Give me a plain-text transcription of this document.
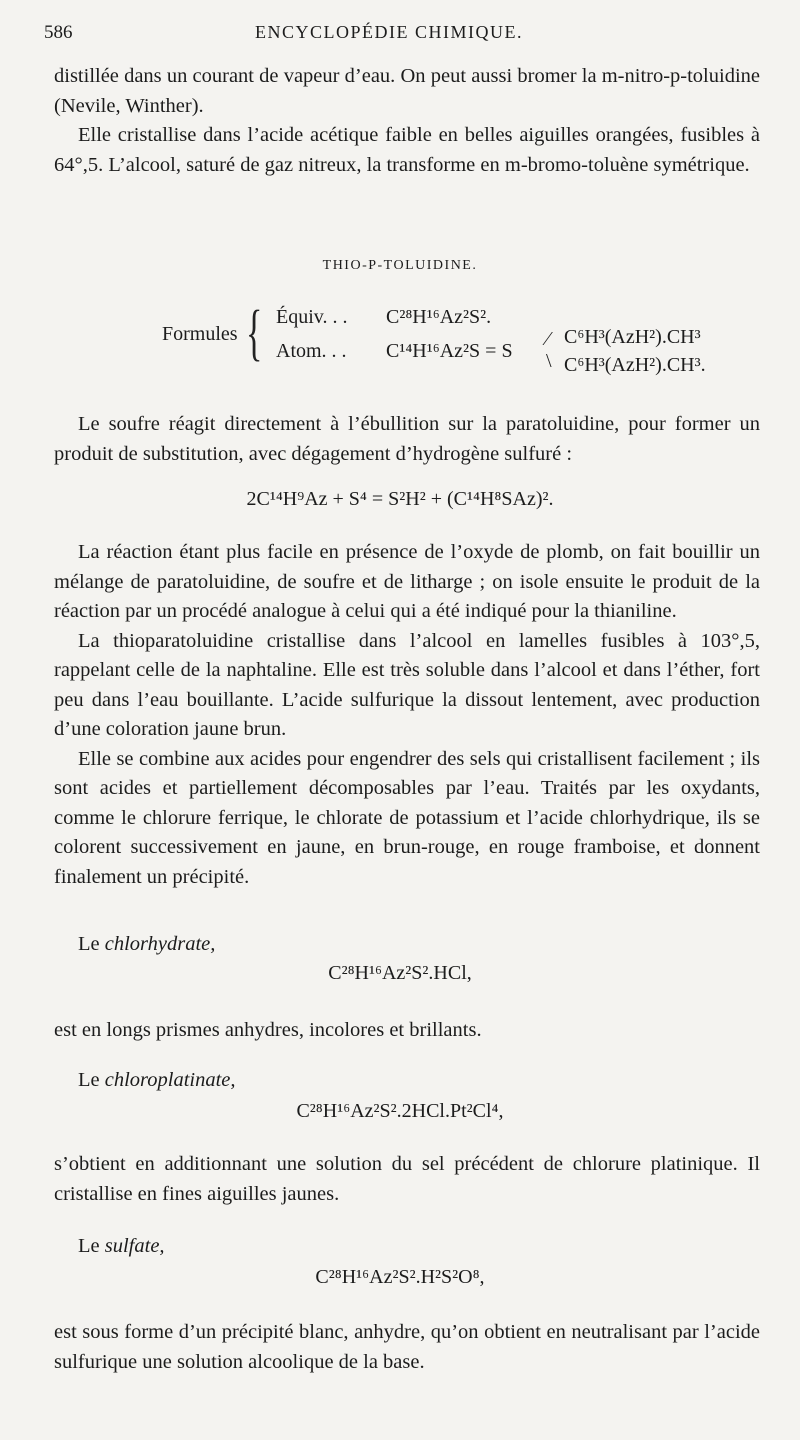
586	ENCYCLOPÉDIE CHIMIQUE.

distillée dans un courant de vapeur d’eau. On peut aussi bromer la m-nitro-p-toluidine (Nevile, Winther).

Elle cristallise dans l’acide acétique faible en belles aiguilles orangées, fusibles à 64°,5. L’alcool, saturé de gaz nitreux, la transforme en m-bromo-toluène symétrique.

THIO-P-TOLUIDINE.
Formules { Équiv. . . C²⁸H¹⁶Az²S².
Atom. . . C¹⁴H¹⁶Az²S = S
⁄
\
C⁶H³(AzH²).CH³
C⁶H³(AzH²).CH³.

Le soufre réagit directement à l’ébullition sur la paratoluidine, pour former un produit de substitution, avec dégagement d’hydrogène sulfuré :

2C¹⁴H⁹Az + S⁴ = S²H² + (C¹⁴H⁸SAz)².

La réaction étant plus facile en présence de l’oxyde de plomb, on fait bouillir un mélange de paratoluidine, de soufre et de litharge ; on isole ensuite le produit de la réaction par un procédé analogue à celui qui a été indiqué pour la thianiline.

La thioparatoluidine cristallise dans l’alcool en lamelles fusibles à 103°,5, rappelant celle de la naphtaline. Elle est très soluble dans l’alcool et dans l’éther, fort peu dans l’eau bouillante. L’acide sulfurique la dissout lentement, avec production d’une coloration jaune brun.

Elle se combine aux acides pour engendrer des sels qui cristallisent facilement ; ils sont acides et partiellement décomposables par l’eau. Traités par les oxydants, comme le chlorure ferrique, le chlorate de potassium et l’acide chlorhydrique, ils se colorent successivement en jaune, en brun-rouge, en rouge framboise, et donnent finalement un précipité.

Le chlorhydrate,

C²⁸H¹⁶Az²S².HCl,

est en longs prismes anhydres, incolores et brillants.

Le chloroplatinate,

C²⁸H¹⁶Az²S².2HCl.Pt²Cl⁴,

s’obtient en additionnant une solution du sel précédent de chlorure platinique. Il cristallise en fines aiguilles jaunes.

Le sulfate,

C²⁸H¹⁶Az²S².H²S²O⁸,

est sous forme d’un précipité blanc, anhydre, qu’on obtient en neutralisant par l’acide sulfurique une solution alcoolique de la base.
